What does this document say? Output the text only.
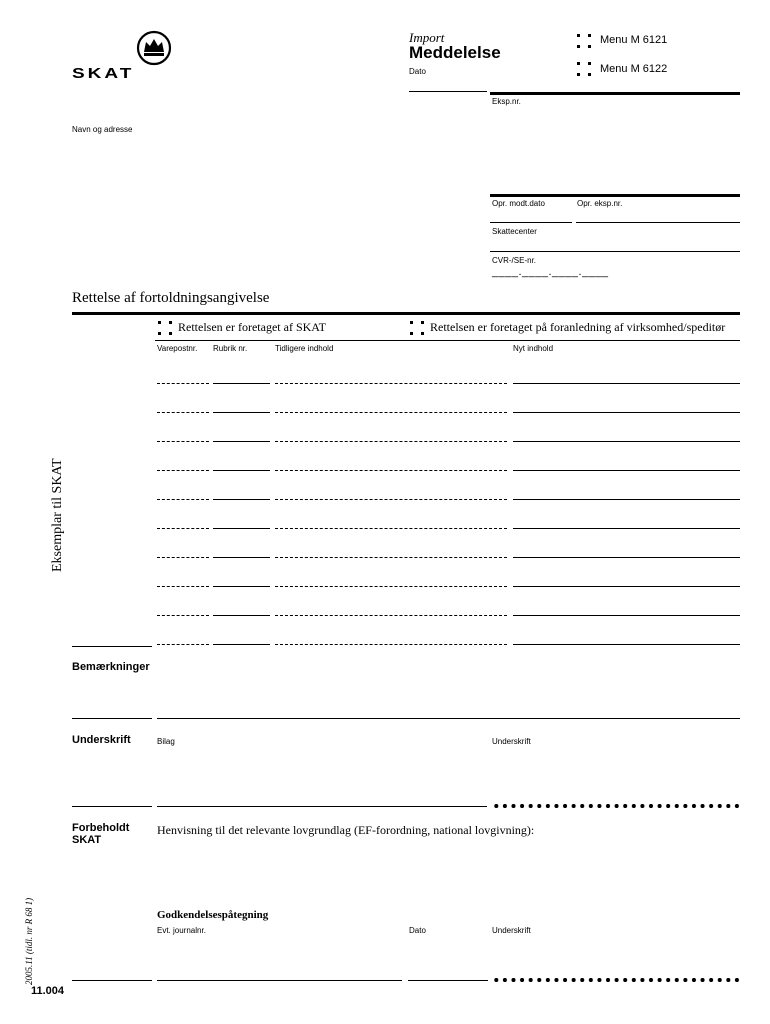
SKAT
Import
Meddelelse
Dato
Menu M 6121
Menu M 6122
Eksp.nr.
Navn og adresse
Opr. modt.dato	Opr. eksp.nr.
Skattecenter
CVR-/SE-nr.
____.____.____.____
Rettelse af fortoldningsangivelse
Rettelsen er foretaget af SKAT	Rettelsen er foretaget på foranledning af virksomhed/speditør
Varepostnr. Rubrik nr.	Tidligere indhold	Nyt indhold
Eksemplar til SKAT
Bemærkninger
Underskrift	Bilag	Underskrift
Forbeholdt
SKAT
Henvisning til det relevante lovgrundlag (EF-forordning, national lovgivning):
Godkendelsespåtegning
Evt. journalnr.	Dato	Underskrift
2005.11 (tidl. nr R 68 1)
11.004
